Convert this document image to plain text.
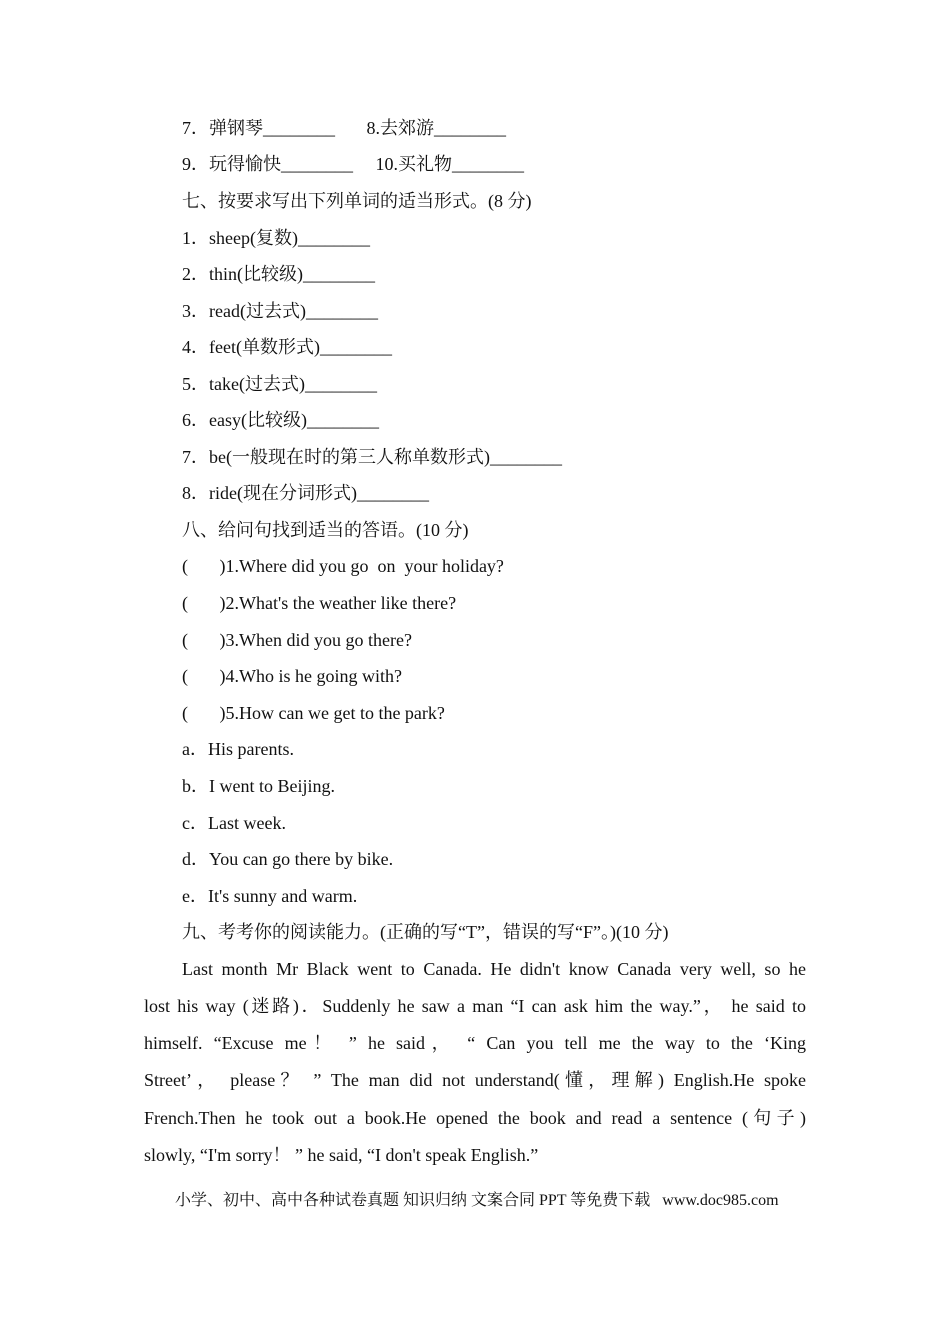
7．弹钢琴________       8.去郊游________
9．玩得愉快________     10.买礼物________
七、按要求写出下列单词的适当形式。(8 分)
1．sheep(复数)________
2．thin(比较级)________
3．read(过去式)________
4．feet(单数形式)________
5．take(过去式)________
6．easy(比较级)________
7．be(一般现在时的第三人称单数形式)________
8．ride(现在分词形式)________
八、给问句找到适当的答语。(10 分)
(       )1.Where did you go  on  your holiday?
(       )2.What's the weather like there?
(       )3.When did you go there?
(       )4.Who is he going with?
(       )5.How can we get to the park?
a．His parents.
b．I went to Beijing.
c．Last week.
d．You can go there by bike.
e．It's sunny and warm.
九、考考你的阅读能力。(正确的写“T”，错误的写“F”。)(10 分)
Last month Mr Black went to Canada. He didn't know Canada very well, so he
lost his way (迷路)．Suddenly he saw a man “I can ask him the way.”， he said to
himself. “Excuse me！ ” he said， “ Can you tell me the way to the ‘King
Street’， please？ ” The man did not understand(懂，理解) English.He spoke
French.Then he took out a book.He opened the book and read a sentence (句子)
slowly, “I'm sorry！ ” he said, “I don't speak English.”
小学、初中、高中各种试卷真题 知识归纳 文案合同 PPT 等免费下载   www.doc985.com
